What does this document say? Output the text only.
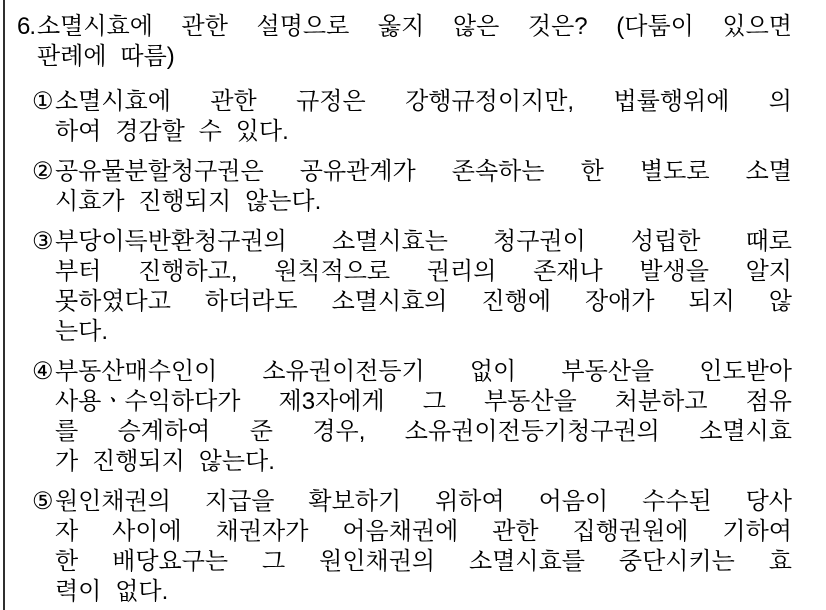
6. 소멸시효에 관한 설명으로 옳지 않은 것은? (다툼이 있으면
판례에 따름)
① 소멸시효에 관한 규정은 강행규정이지만, 법률행위에 의
하여 경감할 수 있다.
② 공유물분할청구권은 공유관계가 존속하는 한 별도로 소멸
시효가 진행되지 않는다.
③ 부당이득반환청구권의 소멸시효는 청구권이 성립한 때로
부터 진행하고, 원칙적으로 권리의 존재나 발생을 알지
못하였다고 하더라도 소멸시효의 진행에 장애가 되지 않
는다.
④ 부동산매수인이 소유권이전등기 없이 부동산을 인도받아
사용ㆍ수익하다가 제3자에게 그 부동산을 처분하고 점유
를 승계하여 준 경우, 소유권이전등기청구권의 소멸시효
가 진행되지 않는다.
⑤ 원인채권의 지급을 확보하기 위하여 어음이 수수된 당사
자 사이에 채권자가 어음채권에 관한 집행권원에 기하여
한 배당요구는 그 원인채권의 소멸시효를 중단시키는 효
력이 없다.
